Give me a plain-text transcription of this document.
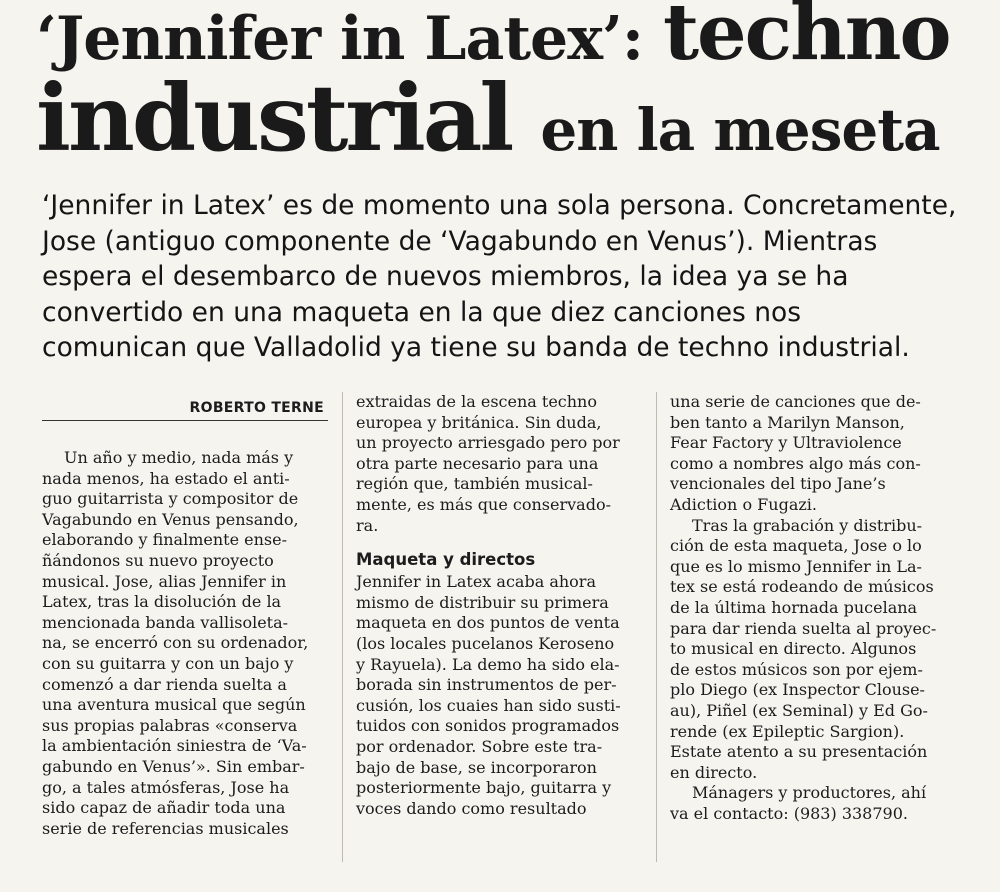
‘Jennifer in Latex’: techno
industrial en la meseta

‘Jennifer in Latex’ es de momento una sola persona. Concretamente,
Jose (antiguo componente de ‘Vagabundo en Venus’). Mientras
espera el desembarco de nuevos miembros, la idea ya se ha
convertido en una maqueta en la que diez canciones nos
comunican que Valladolid ya tiene su banda de techno industrial.

ROBERTO TERNE
Un año y medio, nada más y
nada menos, ha estado el anti-
guo guitarrista y compositor de
Vagabundo en Venus pensando,
elaborando y finalmente ense-
ñándonos su nuevo proyecto
musical. Jose, alias Jennifer in
Latex, tras la disolución de la
mencionada banda vallisoleta-
na, se encerró con su ordenador,
con su guitarra y con un bajo y
comenzó a dar rienda suelta a
una aventura musical que según
sus propias palabras «conserva
la ambientación siniestra de ‘Va-
gabundo en Venus’». Sin embar-
go, a tales atmósferas, Jose ha
sido capaz de añadir toda una
serie de referencias musicales
extraidas de la escena techno
europea y británica. Sin duda,
un proyecto arriesgado pero por
otra parte necesario para una
región que, también musical-
mente, es más que conservado-
ra.
Maqueta y directos
Jennifer in Latex acaba ahora
mismo de distribuir su primera
maqueta en dos puntos de venta
(los locales pucelanos Keroseno
y Rayuela). La demo ha sido ela-
borada sin instrumentos de per-
cusión, los cuaies han sido susti-
tuidos con sonidos programados
por ordenador. Sobre este tra-
bajo de base, se incorporaron
posteriormente bajo, guitarra y
voces dando como resultado
una serie de canciones que de-
ben tanto a Marilyn Manson,
Fear Factory y Ultraviolence
como a nombres algo más con-
vencionales del tipo Jane’s
Adiction o Fugazi.
Tras la grabación y distribu-
ción de esta maqueta, Jose o lo
que es lo mismo Jennifer in La-
tex se está rodeando de músicos
de la última hornada pucelana
para dar rienda suelta al proyec-
to musical en directo. Algunos
de estos músicos son por ejem-
plo Diego (ex Inspector Clouse-
au), Piñel (ex Seminal) y Ed Go-
rende (ex Epileptic Sargion).
Estate atento a su presentación
en directo.
Mánagers y productores, ahí
va el contacto: (983) 338790.
